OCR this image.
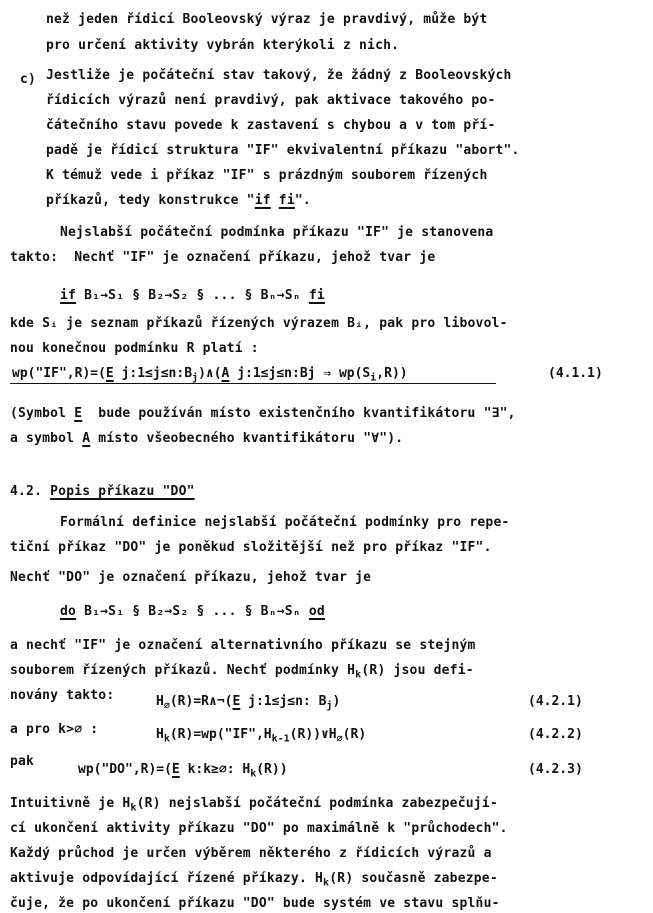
než jeden řídicí Booleovský výraz je pravdivý, může být
pro určení aktivity vybrán kterýkoli z nich.
c) Jestliže je počáteční stav takový, že žádný z Booleovských
řídicích výrazů není pravdivý, pak aktivace takového po-
čátečního stavu povede k zastavení s chybou a v tom pří-
padě je řídicí struktura "IF" ekvivalentní příkazu "abort".
K témuž vede i příkaz "IF" s prázdným souborem řízených
příkazů, tedy konstrukce "if fi".
Nejslabší počáteční podmínka příkazu "IF" je stanovena
takto:  Nechť "IF" je označení příkazu, jehož tvar je
if B₁→S₁ § B₂→S₂ § ... § Bₙ→Sₙ fi
kde Sᵢ je seznam příkazů řízených výrazem Bᵢ, pak pro libovol-
nou konečnou podmínku R platí :
wp("IF",R)=(E $j:1\le j\le n:B_j)\wedge(A$ j:1≤j≤n:Bj ⇒ $wp(S_i,R)$)	(4.1.1)
(Symbol E  bude používán místo existenčního kvantifikátoru "∃",
a symbol A místo všeobecného kvantifikátoru "∀").
4.2. Popis příkazu "DO"
Formální definice nejslabší počáteční podmínky pro repe-
tiční příkaz "DO" je poněkud složitější než pro příkaz "IF".
Nechť "DO" je označení příkazu, jehož tvar je
do B₁→S₁ § B₂→S₂ § ... § Bₙ→Sₙ od
a nechť "IF" je označení alternativního příkazu se stejným
souborem řízených příkazů. Nechť podmínky $H_k(R)$ jsou defi-
novány takto:	$H_\emptyset(R)=R\wedge\neg(E$ j:1≤j≤n: $B_j$)	(4.2.1)
a pro k>∅ :	$H_k(R)=wp("IF",H_{k-1}(R))\vee H_\emptyset(R)$	(4.2.2)
pak
wp("DO",R)=(E k:k≥∅: $H_k(R)$)	(4.2.3)
Intuitivně je $H_k(R)$ nejslabší počáteční podmínka zabezpečují-
cí ukončení aktivity příkazu "DO" po maximálně k "průchodech".
Každý průchod je určen výběrem některého z řídicích výrazů a
aktivuje odpovídající řízené příkazy. $H_k(R)$ současně zabezpe-
čuje, že po ukončení příkazu "DO" bude systém ve stavu splňu-
